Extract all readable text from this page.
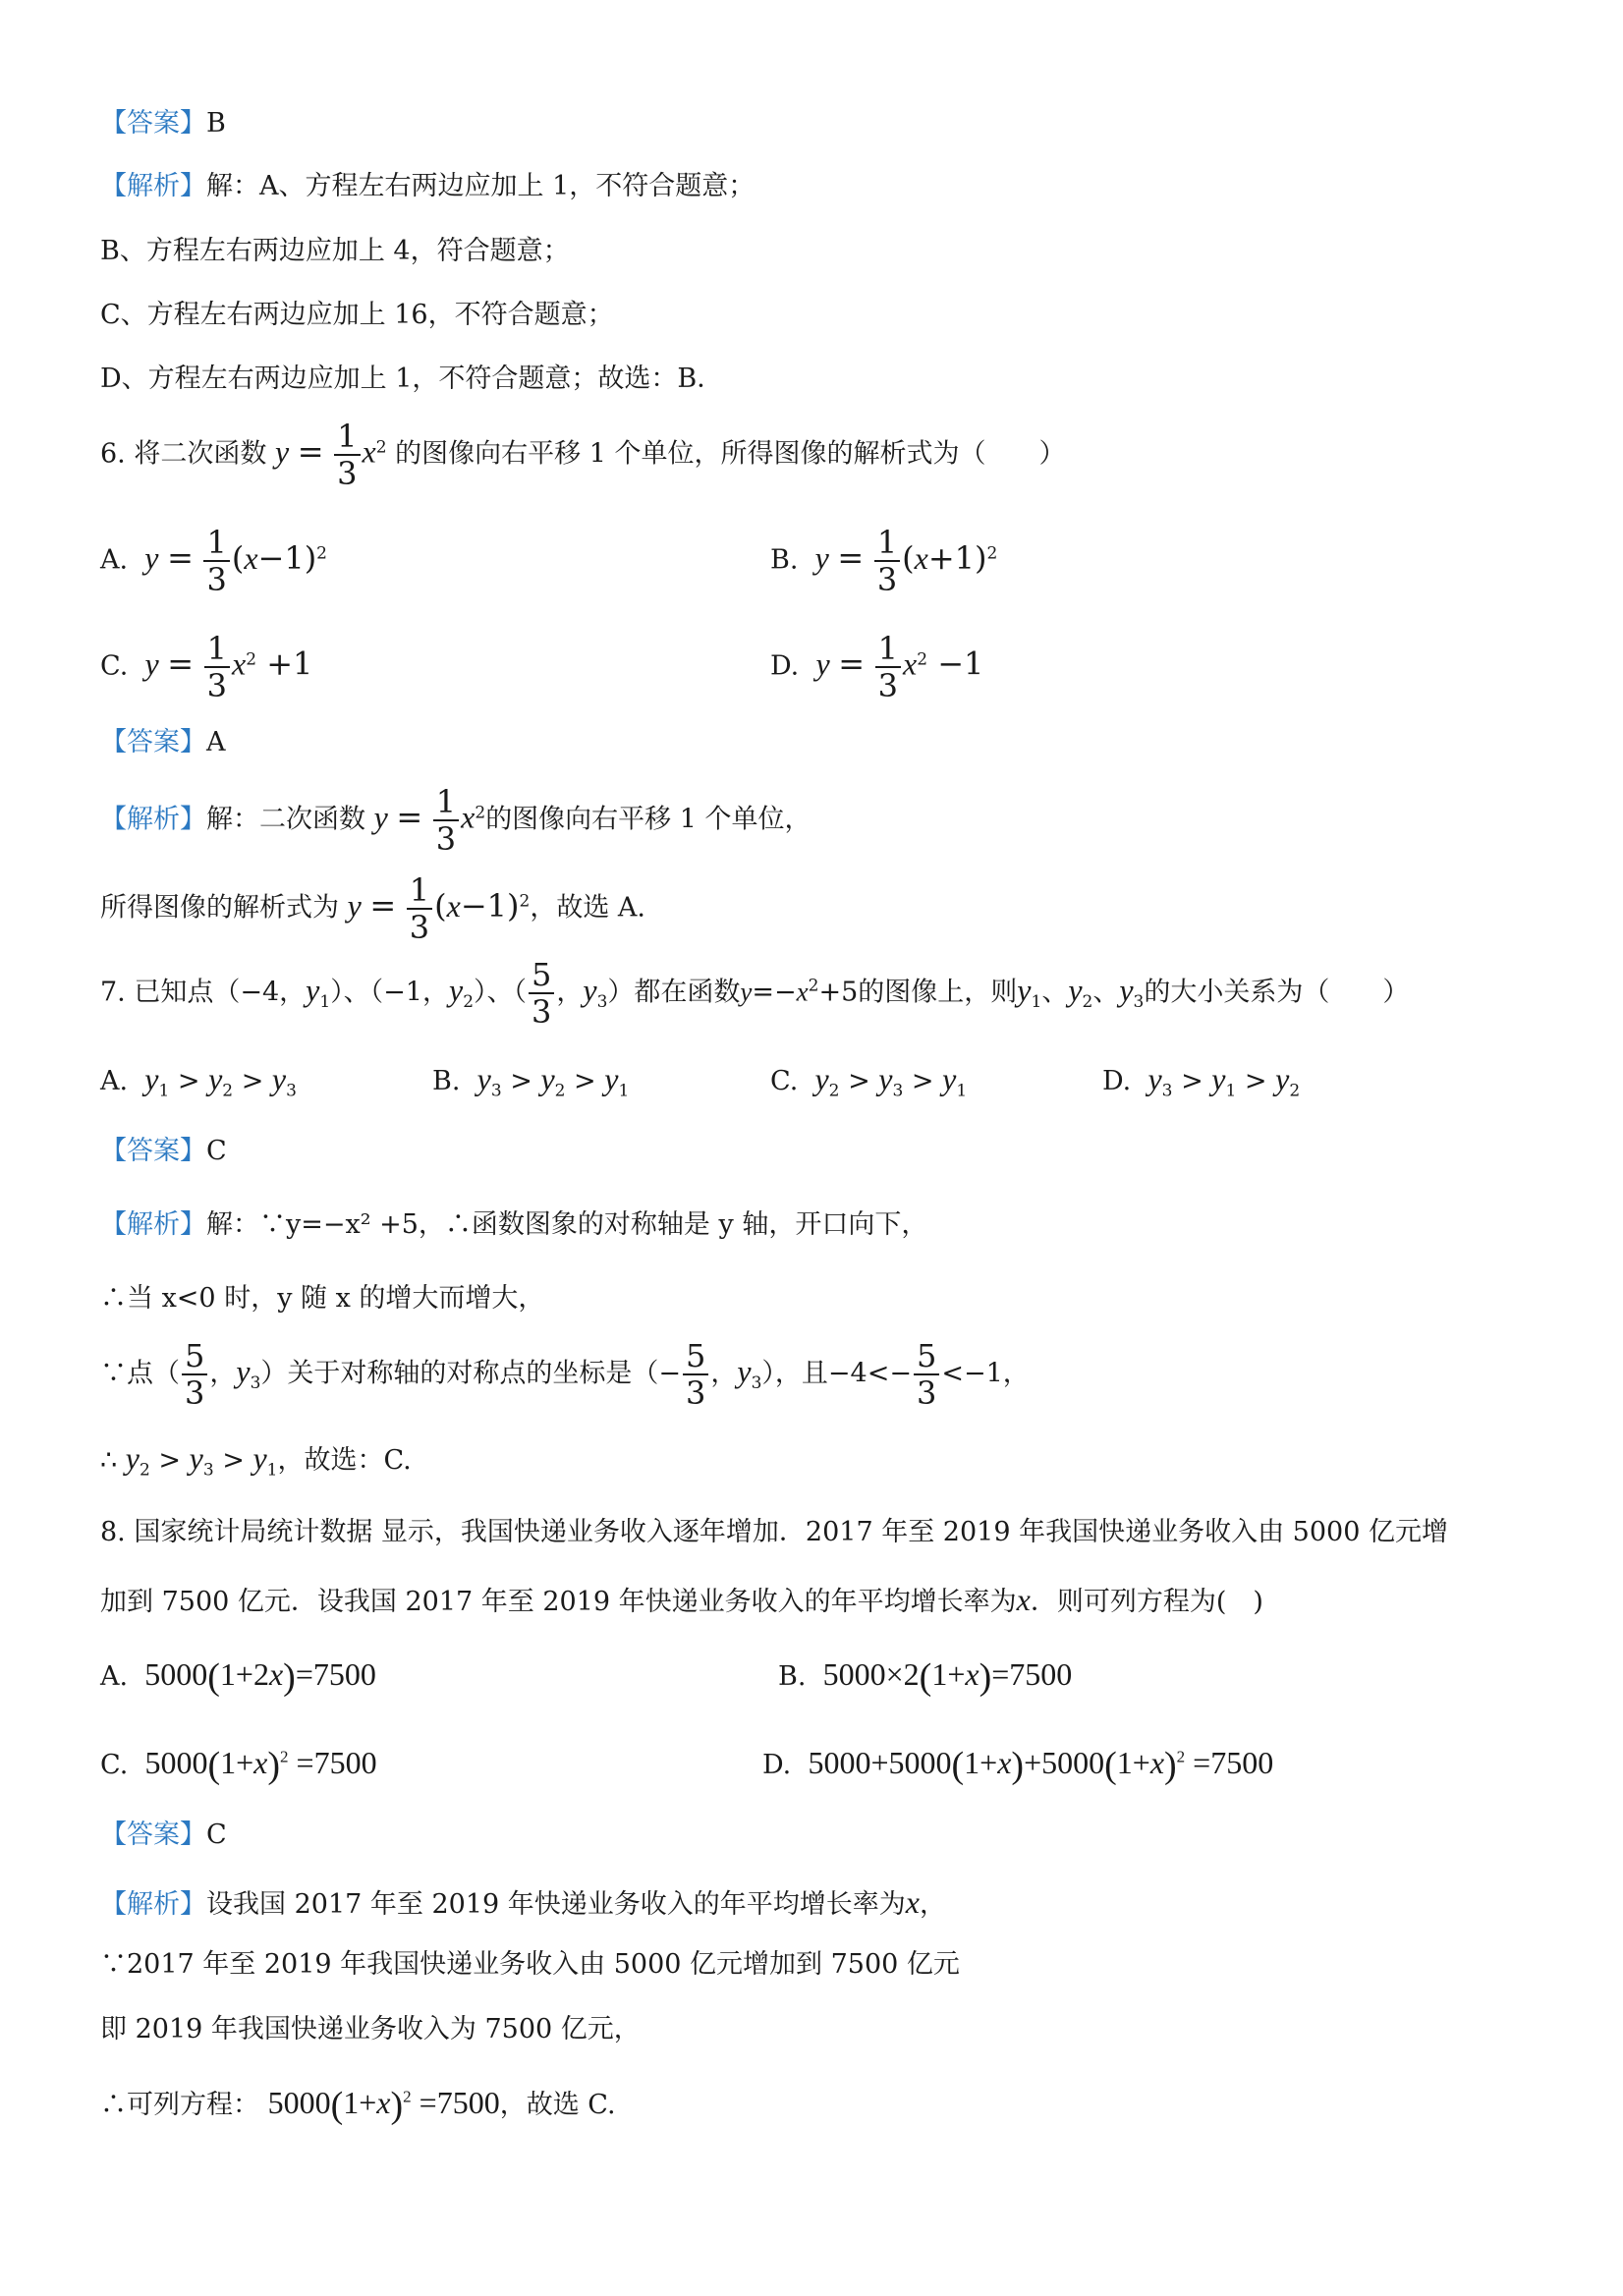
【答案】B
【解析】解：A、方程左右两边应加上 1，不符合题意；
B、方程左右两边应加上 4，符合题意；
C、方程左右两边应加上 16，不符合题意；
D、方程左右两边应加上 1，不符合题意；故选：B．
6. 将二次函数 $y = \frac{1}{3} x^2$ 的图像向右平移 1 个单位，所得图像的解析式为（　　）
A. $y = \frac{1}{3} (x-1)^2$	B. $y = \frac{1}{3} (x+1)^2$
C. $y = \frac{1}{3} x^2 +1$	D. $y = \frac{1}{3} x^2 -1$
【答案】A
【解析】解：二次函数 $y = \frac{1}{3} x^2$的图像向右平移 1 个单位，
所得图像的解析式为 $y = \frac{1}{3} (x-1)^2$，故选 A.
7. 已知点（−4，$y_1$）、（−1，$y_2$）、（ $\frac{5}{3}$ ，$y_3$）都在函数$y=-x^2+5$的图像上，则$y_1$、$y_2$、$y_3$的大小关系为（　　）
A. $y_1 > y_2 > y_3$	B. $y_3 > y_2 > y_1$	C. $y_2 > y_3 > y_1$	D. $y_3 > y_1 > y_2$
【答案】C
【解析】解：∵y=−x² +5，∴函数图象的对称轴是 y 轴，开口向下，
∴当 x<0 时，y 随 x 的增大而增大，
∵点（ $\frac{5}{3}$ ，$y_3$）关于对称轴的对称点的坐标是（− $\frac{5}{3}$ ，$y_3$），且$-4<- \frac{5}{3} <-1$，
∴ $y_2 > y_3 > y_1$，故选：C.
8. 国家统计局统计数据 显示，我国快递业务收入逐年增加．2017 年至 2019 年我国快递业务收入由 5000 亿元增
加到 7500 亿元．设我国 2017 年至 2019 年快递业务收入的年平均增长率为x．则可列方程为(　)
A. 5000(1+2x)=7500	B. 5000×2(1+x)=7500
C. $5000(1+x)^2 =7500$	D. $5000+5000(1+x)+5000(1+x)^2 =7500$
【答案】C
【解析】设我国 2017 年至 2019 年快递业务收入的年平均增长率为x，
∵2017 年至 2019 年我国快递业务收入由 5000 亿元增加到 7500 亿元
即 2019 年我国快递业务收入为 7500 亿元，
∴可列方程： $5000(1+x)^2 =7500$，故选 C.
